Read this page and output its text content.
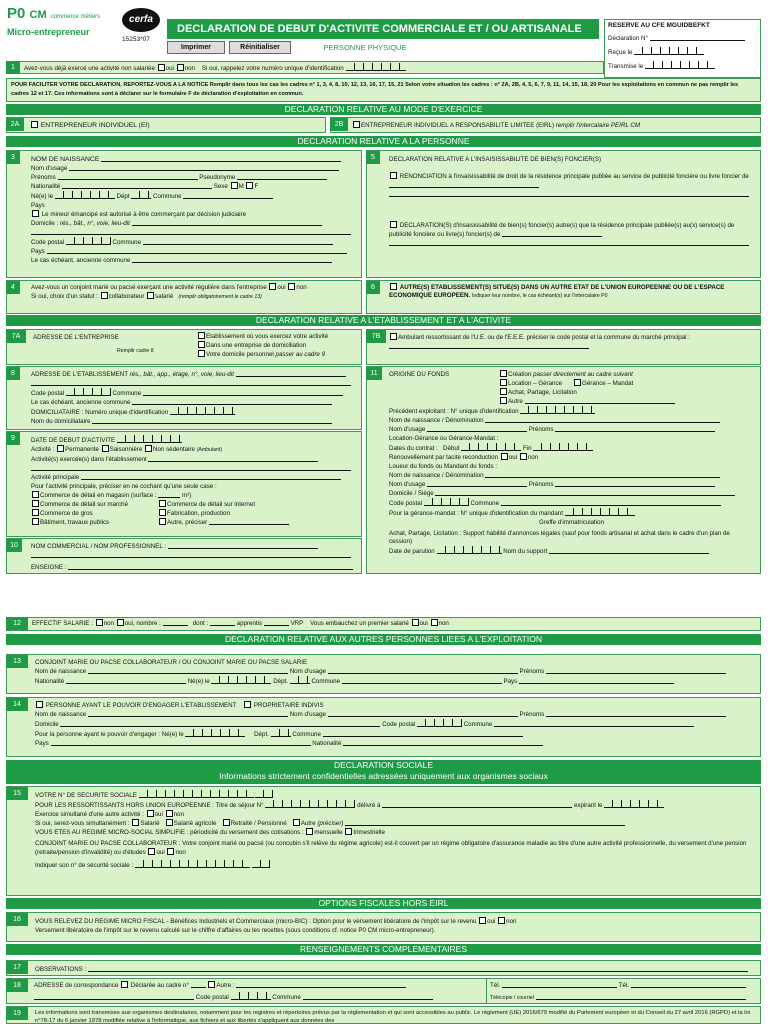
P0 CM commerce métiers
Micro-entrepreneur
cerfa
15253*07
DECLARATION DE DEBUT D'ACTIVITE COMMERCIALE ET / OU ARTISANALE
Imprimer	Réinitialiser	PERSONNE PHYSIQUE
RESERVE AU CFE MGUIDBEFKT
Déclaration N°
Reçue le
Transmise le
1	Avez-vous déjà exercé une activité non salariée oui non Si oui, rappelez votre numéro unique d'identification
POUR FACILITER VOTRE DECLARATION, REPORTEZ-VOUS A LA NOTICE Remplir dans tous les cas les cadres n° 1, 3, 4, 8, 10, 12, 13, 16, 17, 15, 21 Selon votre situation les cadres : n° 2A, 2B, 4, 5, 6, 7, 9, 11, 14, 15, 18, 20 Pour les exploitations en commun ne pas remplir les cadres 12 et 17. Ces informations sont à déclarer sur le formulaire F de déclaration d'exploitation en commun.
DECLARATION RELATIVE AU MODE D'EXERCICE
2A	ENTREPRENEUR INDIVIDUEL (EI)	2B	ENTREPRENEUR INDIVIDUEL A RESPONSABILITE LIMITEE (EIRL) remplir l'intercalaire PEIRL CM
DECLARATION RELATIVE A LA PERSONNE
NOM DE NAISSANCE
Nom d'usage
Prénoms	Pseudonyme
Nationalité	Sexe M F
Né(e) le	Dépt	Commune
Pays
Le mineur émancipé est autorisé à être commerçant par décision judiciaire
Domicile : rés., bât., n°, voie, lieu-dit
Code postal	Commune
Pays
Le cas échéant, ancienne commune
3	DECLARATION RELATIVE A L'INSAISISSABILITE DE BIEN(S) FONCIER(S)
RENONCIATION à l'insaisissabilité de droit de la résidence principale publiée au service de publicité foncière ou livre foncier de
DECLARATION(S) d'insaisissabilité de bien(s) foncier(s) autre(s) que la résidence principale publiée(s) au(x) service(s) de publicité foncière ou livre(s) foncier(s) de
5
Avez-vous un conjoint marié ou pacsé exerçant une activité régulière dans l'entreprise oui non
Si oui, choix d'un statut : collaborateur salarié (remplir obligatoirement le cadre 13)
4	AUTRE(S) ETABLISSEMENT(S) SITUE(S) DANS UN AUTRE ETAT DE L'UNION EUROPEENNE OU DE L'ESPACE ECONOMIQUE EUROPEEN. Indiquer leur nombre, le cas échéant(s) sur l'intercalaire P0
6
DECLARATION RELATIVE A L'ETABLISSEMENT ET A L'ACTIVITE
ADRESSE DE L'ENTREPRISE
Remplir cadre 8
Etablissement où vous exercez votre activité
Dans une entreprise de domiciliation
Votre domicile personnel passer au cadre 9
7A	Ambulant ressortissant de l'U.E. ou de l'E.E.E. préciser le code postal et la commune du marché principal :
7B
ADRESSE DE L'ETABLISSEMENT rés., bât., app., étage, n°, voie, lieu-dit
Code postal	Commune
Le cas échéant, ancienne commune
DOMICILIATAIRE : Numéro unique d'identification
Nom du domiciliataire
8
DATE DE DEBUT D'ACTIVITE
Activité : Permanente Saisonnière Non sédentaire (Ambulant)
Activité(s) exercée(s) dans l'établissement
Activité principale
Pour l'activité principale, préciser en ne cochant qu'une seule case :
Commerce de détail en magasin (surface :	m²)
Commerce de détail sur marché	Commerce de détail sur internet
Commerce de gros	Fabrication, production
Bâtiment, travaux publics	Autre, préciser
9
NOM COMMERCIAL / NOM PROFESSIONNEL :
ENSEIGNE :
10
ORIGINE DU FONDS	Création passer directement au cadre suivant
Location – Gérance	Gérance – Mandat
Achat, Partage, Licitation
Autre
Précédent exploitant : N° unique d'identification
Nom de naissance / Dénomination
Nom d'usage	Prénoms
Location-Gérance ou Gérance-Mandat :
Dates du contrat : Début	Fin
Renouvellement par tacite reconduction oui non
Loueur du fonds ou Mandant du fonds :
Nom de naissance / Dénomination
Nom d'usage	Prénoms
Domicile / Siège
Code postal	Commune
Pour la gérance-mandat : N° unique d'identification du mandant
Greffe d'immatriculation
Achat, Partage, Licitation : Support habilité d'annonces légales (sauf pour fonds artisanal et achat dans le cadre d'un plan de cession)
Date de parution	Nom du support
11
12	EFFECTIF SALARIE : non oui, nombre :	dont :	apprentis	VRP Vous embauchez un premier salarié oui non
DECLARATION RELATIVE AUX AUTRES PERSONNES LIEES A L'EXPLOITATION
CONJOINT MARIE OU PACSE COLLABORATEUR / OU CONJOINT MARIE OU PACSE SALARIE
Nom de naissance	Nom d'usage	Prénoms
Nationalité	Né(e) le	Dépt.	Commune	Pays
13
PERSONNE AYANT LE POUVOIR D'ENGAGER L'ETABLISSEMENT	PROPRIETAIRE INDIVIS
Nom de naissance	Nom d'usage	Prénoms
Domicile	Code postal	Commune
Pour la personne ayant le pouvoir d'engager : Né(e) le	Dépt.	Commune
Pays	Nationalité
14
DECLARATION SOCIALE
Informations strictement confidentielles adressées uniquement aux organismes sociaux
VOTRE N° DE SECURITE SOCIALE
POUR LES RESSORTISSANTS HORS UNION EUROPEENNE : Titre de séjour N°	délivré à	expirant le
Exercice simultané d'une autre activité : oui non
Si oui, serez-vous simultanément : Salarié Salarié agricole Retraité / Pensionné Autre (préciser)
VOUS ETES AU REGIME MICRO-SOCIAL SIMPLIFIE : périodicité du versement des cotisations : mensuelle trimestrielle
CONJOINT MARIE OU PACSE COLLABORATEUR : Votre conjoint marié ou pacsé (ou concubin s'il relève du régime agricole) est-il couvert par un régime obligatoire d'assurance maladie au titre d'une autre activité professionnelle, du versement d'une pension (retraite/pension d'invalidité) ou d'études oui non
Indiquer son n° de sécurité sociale :
15
OPTIONS FISCALES HORS EIRL
VOUS RELEVEZ DU REGIME MICRO FISCAL - Bénéfices Industriels et Commerciaux (micro-BIC) : Option pour le versement libératoire de l'impôt sur le revenu oui non
Versement libératoire de l'impôt sur le revenu calculé sur le chiffre d'affaires ou les recettes (sous conditions cf. notice P0 CM micro-entrepreneur).
16
RENSEIGNEMENTS COMPLEMENTAIRES
OBSERVATIONS :
17
18	ADRESSE de correspondance Déclarée au cadre n°	Autre :
Code postal	Commune
Tél.	Tél.
Télécopie / courriel
Les informations sont transmises aux organismes destinataires, notamment pour les registres et répertoires prévus par la réglementation et qui sont accessibles au public. Le règlement (UE) 2016/679 modifié du Parlement européen et du Conseil du 27 avril 2016 (RGPD) et la loi n°78-17 du 6 janvier 1978 modifiée relative à l'informatique, aux fichiers et aux libertés s'appliquent aux données des
19
